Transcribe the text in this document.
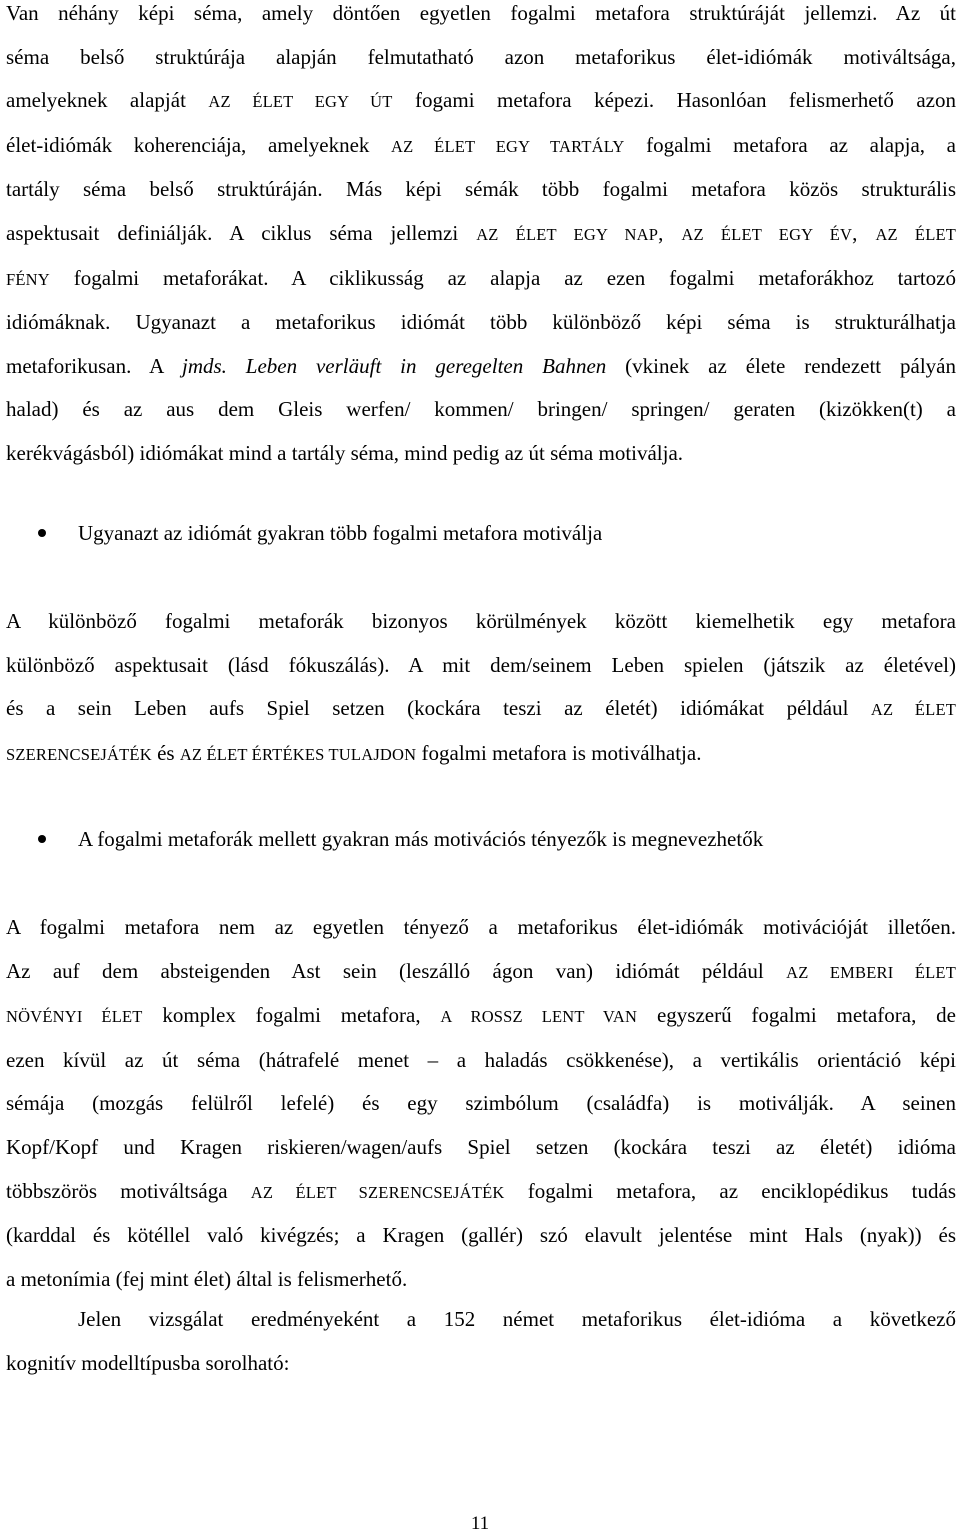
Van néhány képi séma, amely döntően egyetlen fogalmi metafora struktúráját jellemzi. Az út
séma belső struktúrája alapján felmutatható azon metaforikus élet-idiómák motiváltsága,
amelyeknek alapját AZ ÉLET EGY ÚT fogami metafora képezi. Hasonlóan felismerhető azon
élet-idiómák koherenciája, amelyeknek AZ ÉLET EGY TARTÁLY fogalmi metafora az alapja, a
tartály séma belső struktúráján. Más képi sémák több fogalmi metafora közös strukturális
aspektusait definiálják. A ciklus séma jellemzi AZ ÉLET EGY NAP, AZ ÉLET EGY ÉV, AZ ÉLET
FÉNY fogalmi metaforákat. A ciklikusság az alapja az ezen fogalmi metaforákhoz tartozó
idiómáknak. Ugyanazt a metaforikus idiómát több különböző képi séma is strukturálhatja
metaforikusan. A jmds. Leben verläuft in geregelten Bahnen (vkinek az élete rendezett pályán
halad) és az aus dem Gleis werfen/ kommen/ bringen/ springen/ geraten (kizökken(t) a
kerékvágásból) idiómákat mind a tartály séma, mind pedig az út séma motiválja.
Ugyanazt az idiómát gyakran több fogalmi metafora motiválja
A különböző fogalmi metaforák bizonyos körülmények között kiemelhetik egy metafora
különböző aspektusait (lásd fókuszálás). A mit dem/seinem Leben spielen (játszik az életével)
és a sein Leben aufs Spiel setzen (kockára teszi az életét) idiómákat például AZ ÉLET
SZERENCSEJÁTÉK és AZ ÉLET ÉRTÉKES TULAJDON fogalmi metafora is motiválhatja.
A fogalmi metaforák mellett gyakran más motivációs tényezők is megnevezhetők
A fogalmi metafora nem az egyetlen tényező a metaforikus élet-idiómák motivációját illetően.
Az auf dem absteigenden Ast sein (leszálló ágon van) idiómát például AZ EMBERI ÉLET
NÖVÉNYI ÉLET komplex fogalmi metafora, A ROSSZ LENT VAN egyszerű fogalmi metafora, de
ezen kívül az út séma (hátrafelé menet – a haladás csökkenése), a vertikális orientáció képi
sémája (mozgás felülről lefelé) és egy szimbólum (családfa) is motiválják. A seinen
Kopf/Kopf und Kragen riskieren/wagen/aufs Spiel setzen (kockára teszi az életét) idióma
többszörös motiváltsága AZ ÉLET SZERENCSEJÁTÉK fogalmi metafora, az enciklopédikus tudás
(karddal és kötéllel való kivégzés; a Kragen (gallér) szó elavult jelentése mint Hals (nyak)) és
a metonímia (fej mint élet) által is felismerhető.
Jelen vizsgálat eredményeként a 152 német metaforikus élet-idióma a következő
kognitív modelltípusba sorolható:
11
